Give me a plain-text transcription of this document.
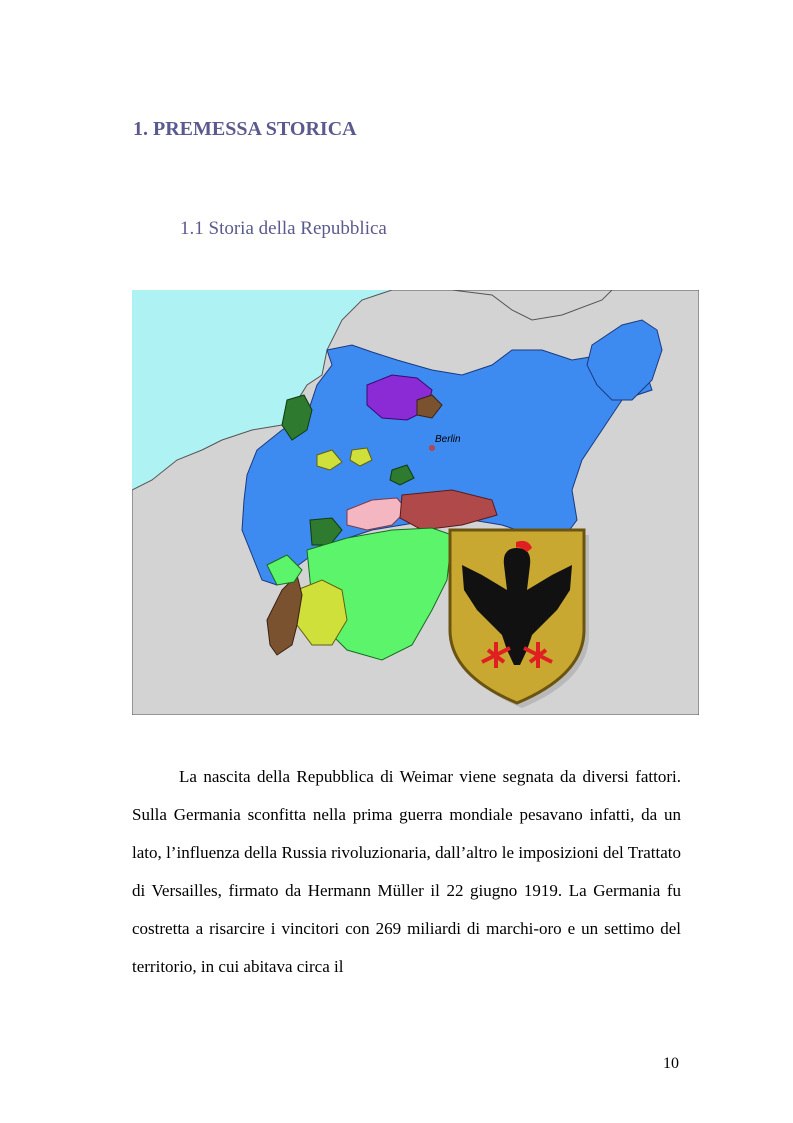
1. PREMESSA STORICA
1.1 Storia della Repubblica
Berlin

La nascita della Repubblica di Weimar viene segnata da diversi fattori. Sulla Germania sconfitta nella prima guerra mondiale pesavano infatti, da un lato, l’influenza della Russia rivoluzionaria, dall’altro le imposizioni del Trattato di Versailles, firmato da Hermann Müller il 22 giugno 1919. La Germania fu costretta a risarcire i vincitori con 269 miliardi di marchi-oro e un settimo del territorio, in cui abitava circa il

10
